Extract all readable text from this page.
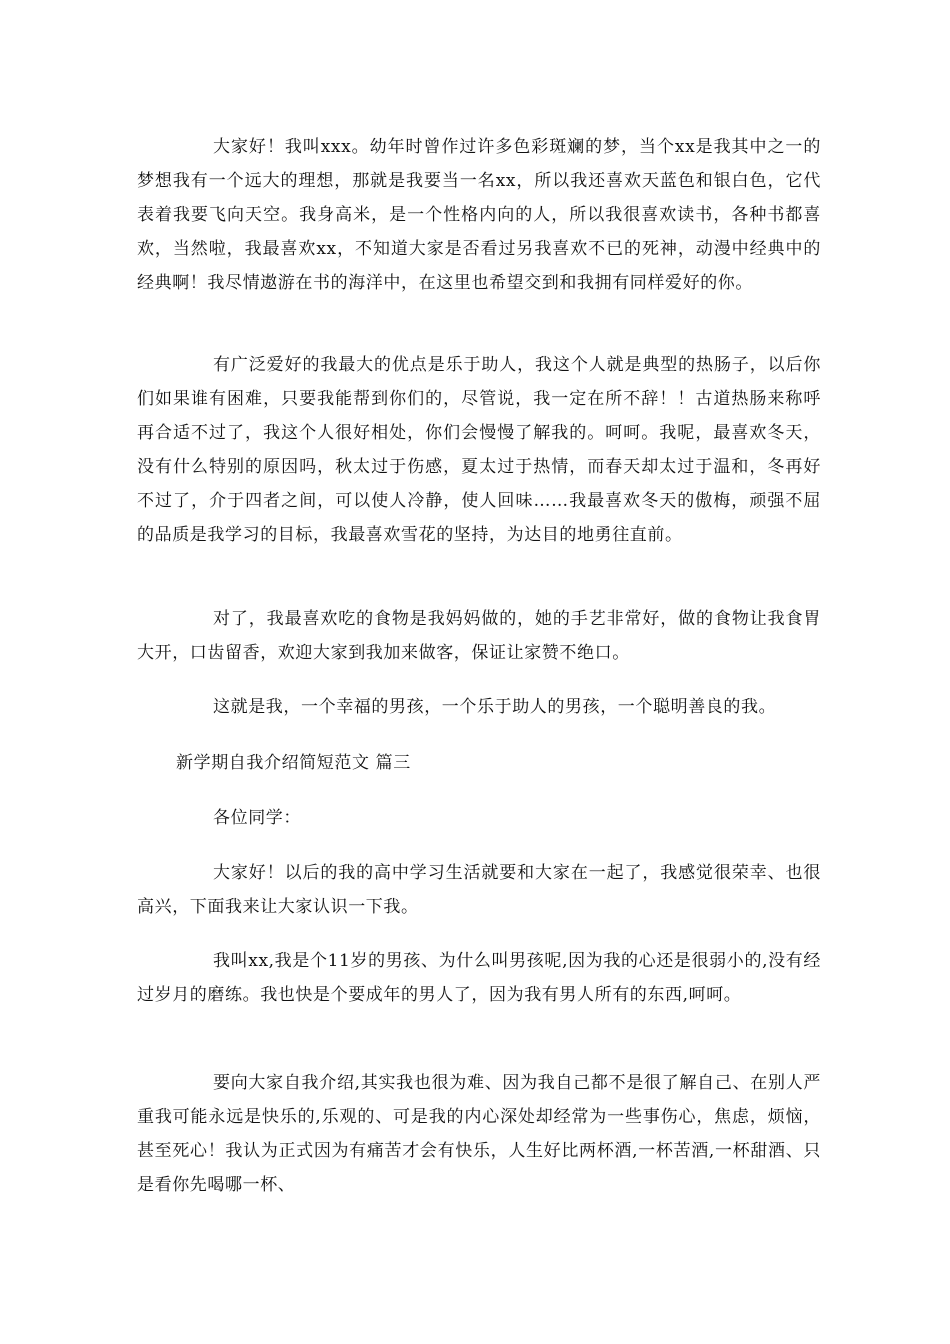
大家好！我叫xxx。幼年时曾作过许多色彩斑斓的梦，当个xx是我其中之一的梦想我有一个远大的理想，那就是我要当一名xx，所以我还喜欢天蓝色和银白色，它代表着我要飞向天空。我身高米，是一个性格内向的人，所以我很喜欢读书，各种书都喜欢，当然啦，我最喜欢xx，不知道大家是否看过另我喜欢不已的死神，动漫中经典中的经典啊！我尽情遨游在书的海洋中，在这里也希望交到和我拥有同样爱好的你。

有广泛爱好的我最大的优点是乐于助人，我这个人就是典型的热肠子，以后你们如果谁有困难，只要我能帮到你们的，尽管说，我一定在所不辞！！古道热肠来称呼再合适不过了，我这个人很好相处，你们会慢慢了解我的。呵呵。我呢，最喜欢冬天，没有什么特别的原因吗，秋太过于伤感，夏太过于热情，而春天却太过于温和，冬再好不过了，介于四者之间，可以使人冷静，使人回味……我最喜欢冬天的傲梅，顽强不屈的品质是我学习的目标，我最喜欢雪花的坚持，为达目的地勇往直前。

对了，我最喜欢吃的食物是我妈妈做的，她的手艺非常好，做的食物让我食胃大开，口齿留香，欢迎大家到我加来做客，保证让家赞不绝口。

这就是我，一个幸福的男孩，一个乐于助人的男孩，一个聪明善良的我。

新学期自我介绍简短范文 篇三

各位同学：

大家好！以后的我的高中学习生活就要和大家在一起了，我感觉很荣幸、也很高兴，下面我来让大家认识一下我。

我叫xx,我是个11岁的男孩、为什么叫男孩呢,因为我的心还是很弱小的,没有经过岁月的磨练。我也快是个要成年的男人了，因为我有男人所有的东西,呵呵。

要向大家自我介绍,其实我也很为难、因为我自己都不是很了解自己、在别人严重我可能永远是快乐的,乐观的、可是我的内心深处却经常为一些事伤心，焦虑，烦恼，甚至死心！我认为正式因为有痛苦才会有快乐，人生好比两杯酒,一杯苦酒,一杯甜酒、只是看你先喝哪一杯、
